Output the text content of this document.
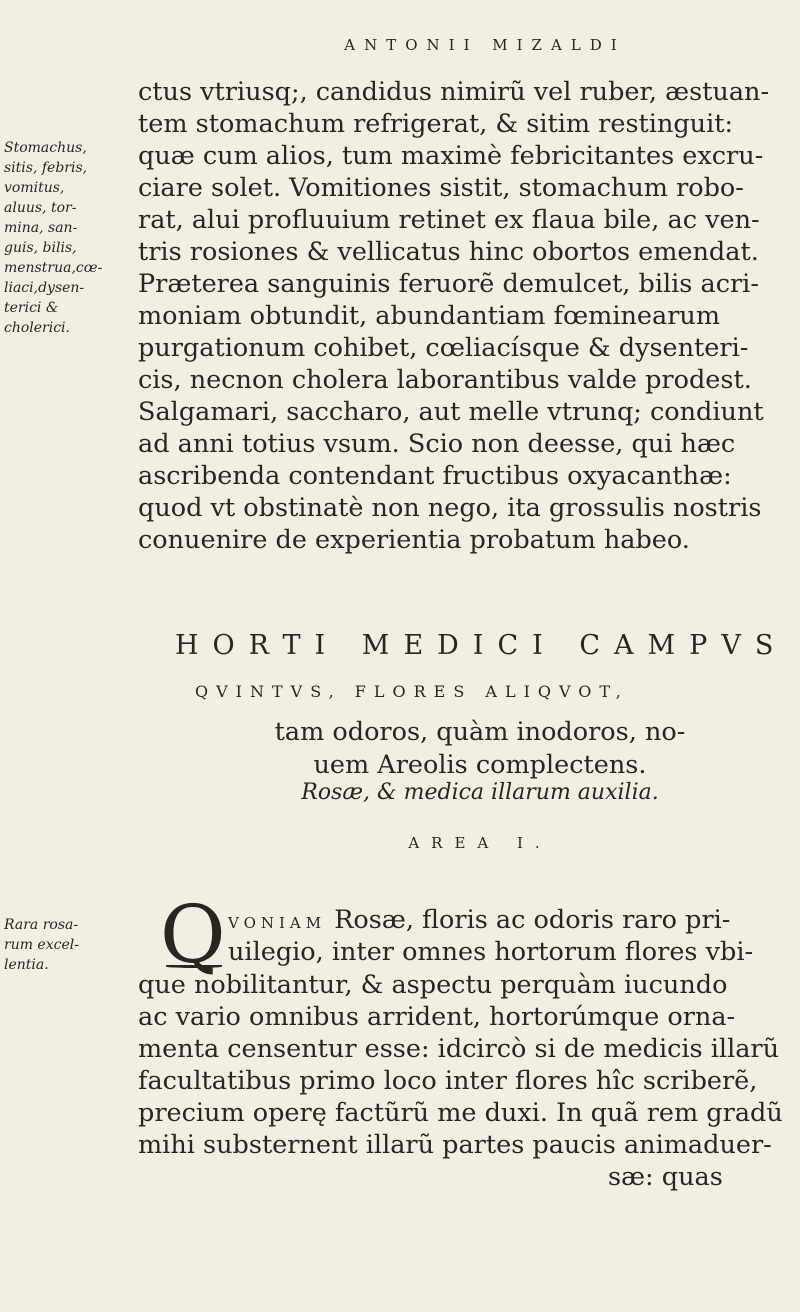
ANTONII MIZALDI
ctus vtriusq;, candidus nimirũ vel ruber, æstuan-
tem stomachum refrigerat, & sitim restinguit:
quæ cum alios, tum maximè febricitantes excru-
ciare solet. Vomitiones sistit, stomachum robo-
rat, alui profluuium retinet ex flaua bile, ac ven-
tris rosiones & vellicatus hinc obortos emendat.
Præterea sanguinis feruorẽ demulcet, bilis acri-
moniam obtundit, abundantiam fœminearum
purgationum cohibet, cœliacísque & dysenteri-
cis, necnon cholera laborantibus valde prodest.
Salgamari, saccharo, aut melle vtrunq; condiunt
ad anni totius vsum. Scio non deesse, qui hæc
ascribenda contendant fructibus oxyacanthæ:
quod vt obstinatè non nego, ita grossulis nostris
conuenire de experientia probatum habeo.
Stomachus,
sitis, febris,
vomitus,
aluus, tor-
mina, san-
guis, bilis,
menstrua,cœ-
liaci,dysen-
terici &
cholerici.
HORTI MEDICI CAMPVS
QVINTVS, FLORES ALIQVOT,
tam odoros, quàm inodoros, no-
uem Areolis complectens.
Rosæ, & medica illarum auxilia.
AREA I.
Q VONIAM Rosæ, floris ac odoris raro pri-
uilegio, inter omnes hortorum flores vbi-
que nobilitantur, & aspectu perquàm iucundo
ac vario omnibus arrident, hortorúmque orna-
menta censentur esse: idcircò si de medicis illarũ
facultatibus primo loco inter flores hîc scriberẽ,
precium operę factũrũ me duxi. In quã rem gradũ
mihi substernent illarũ partes paucis animaduer-
sæ: quas
Rara rosa-
rum excel-
lentia.
